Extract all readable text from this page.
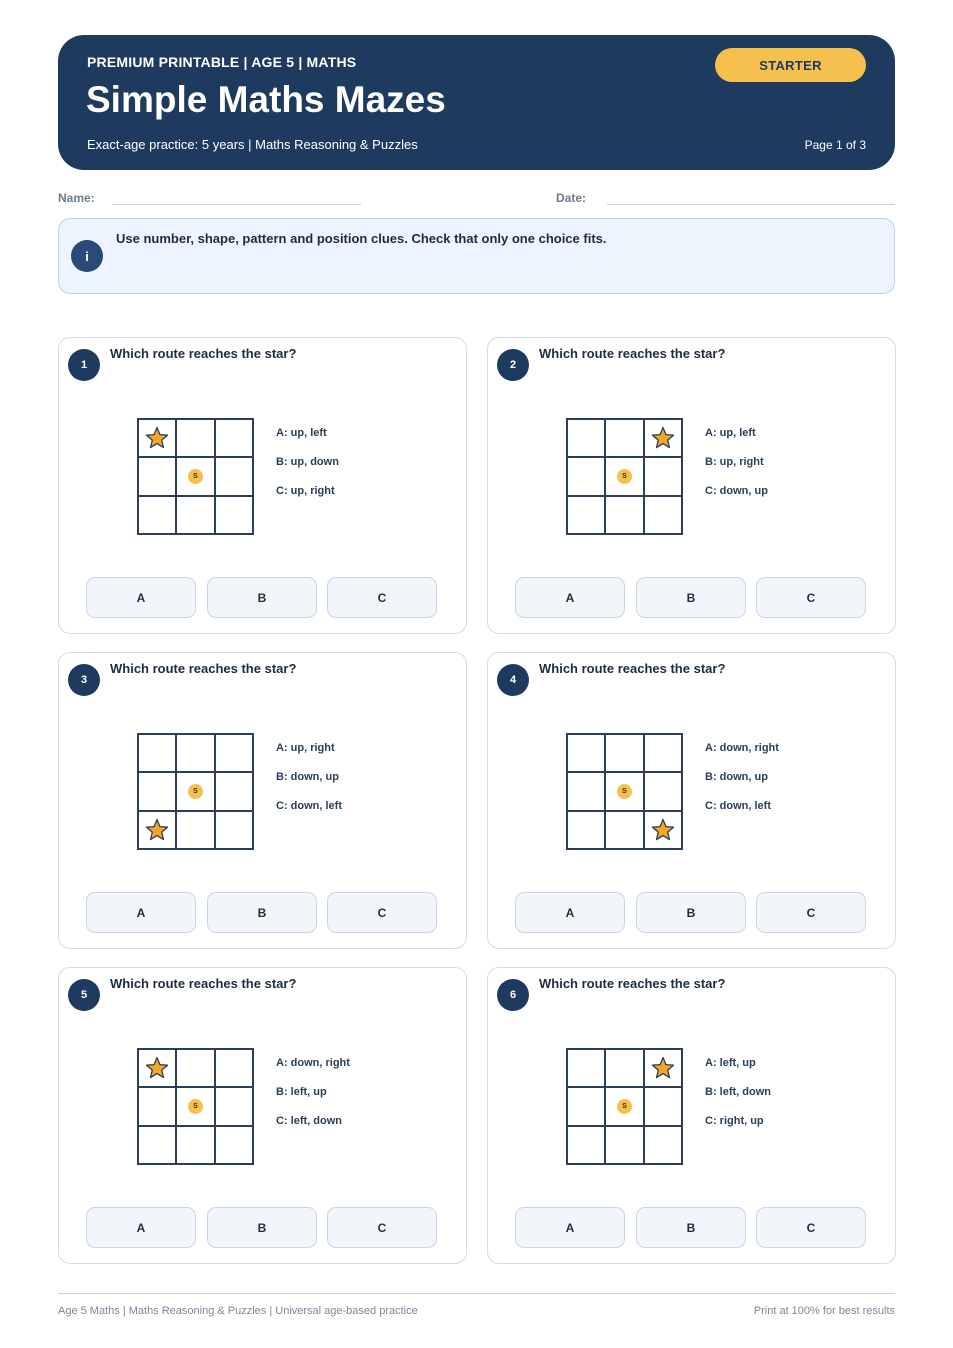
PREMIUM PRINTABLE | AGE 5 | MATHS
Simple Maths Mazes
Exact-age practice: 5 years | Maths Reasoning & Puzzles	Page 1 of 3
STARTER
Name:	Date:
i
Use number, shape, pattern and position clues. Check that only one choice fits.
1
Which route reaches the star?
S
A: up, left
B: up, down
C: up, right
A	B	C
2
Which route reaches the star?
S
A: up, left
B: up, right
C: down, up
A	B	C
3
Which route reaches the star?
S
A: up, right
B: down, up
C: down, left
A	B	C
4
Which route reaches the star?
S
A: down, right
B: down, up
C: down, left
A	B	C
5
Which route reaches the star?
S
A: down, right
B: left, up
C: left, down
A	B	C
6
Which route reaches the star?
S
A: left, up
B: left, down
C: right, up
A	B	C
Age 5 Maths | Maths Reasoning & Puzzles | Universal age-based practice	Print at 100% for best results
